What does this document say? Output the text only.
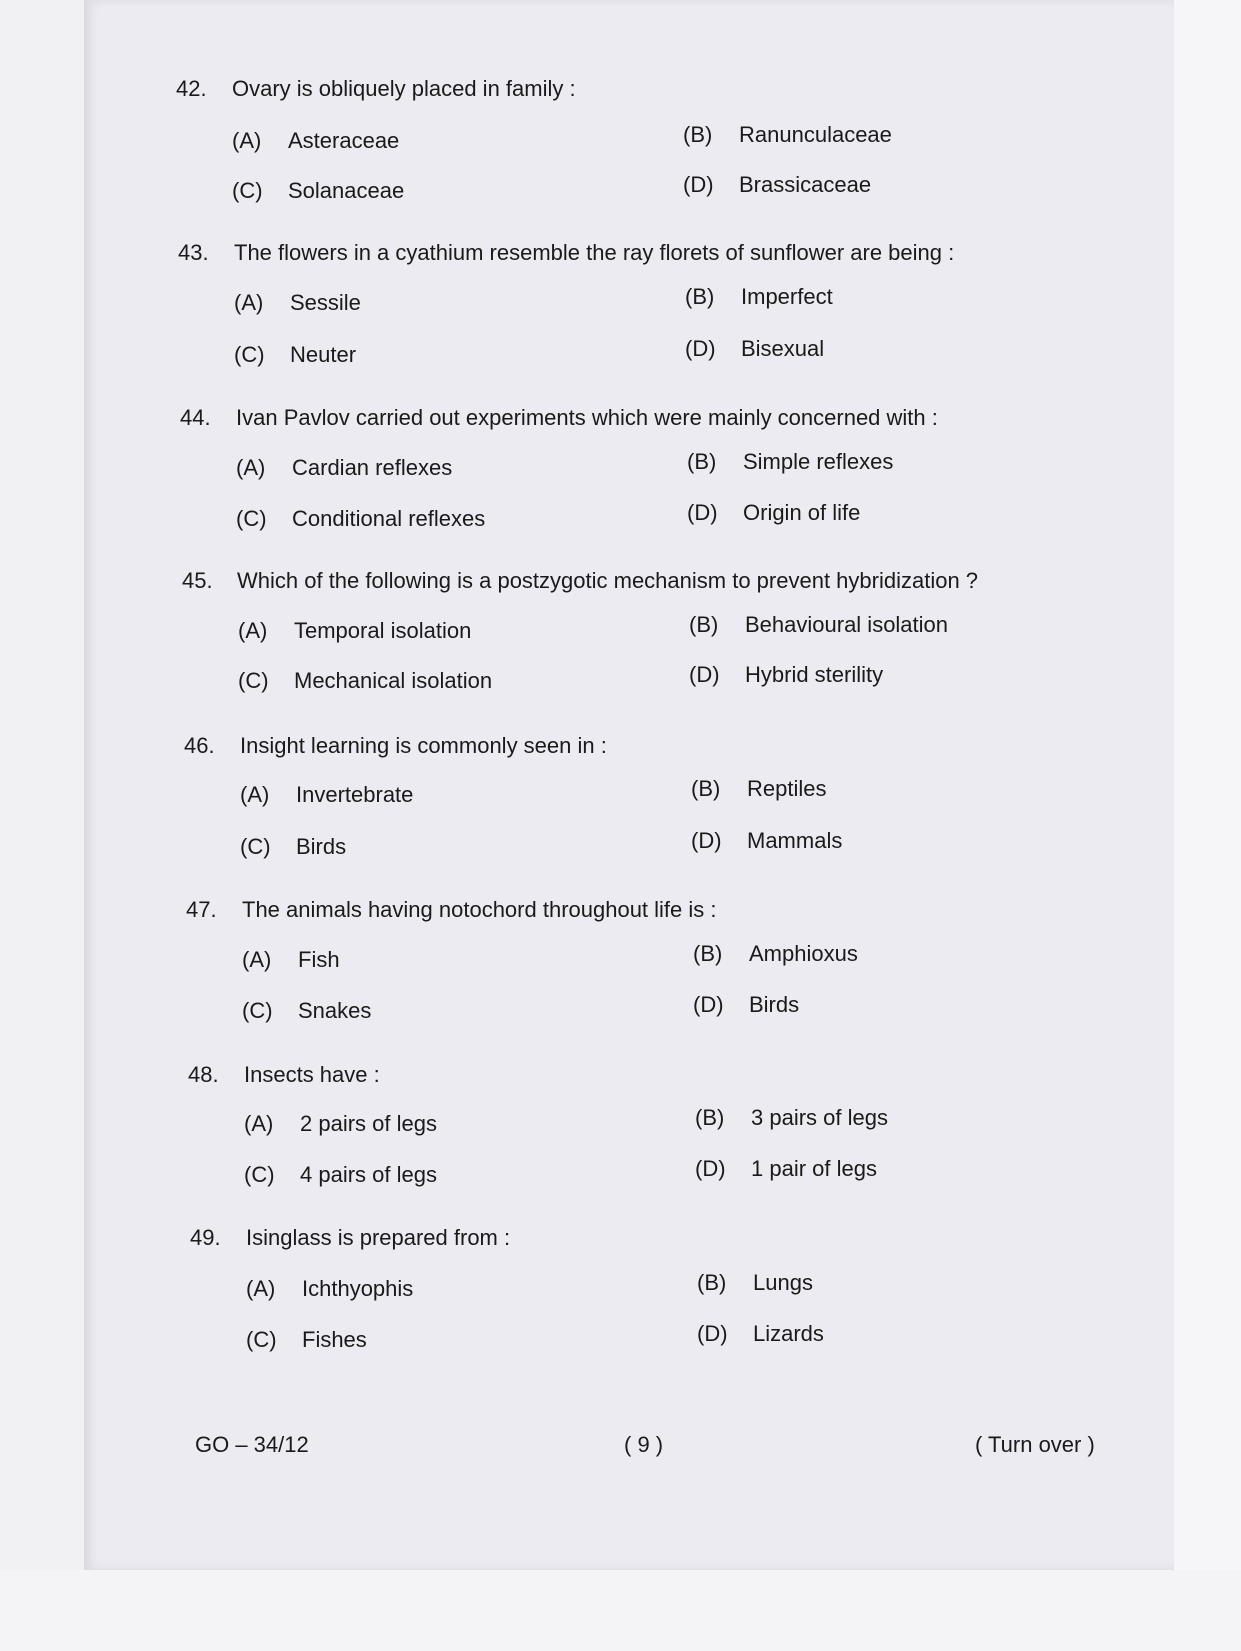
42. Ovary is obliquely placed in family :
(A) Asteraceae	(B) Ranunculaceae
(C) Solanaceae	(D) Brassicaceae
43. The flowers in a cyathium resemble the ray florets of sunflower are being :
(A) Sessile	(B) Imperfect
(C) Neuter	(D) Bisexual
44. Ivan Pavlov carried out experiments which were mainly concerned with :
(A) Cardian reflexes	(B) Simple reflexes
(C) Conditional reflexes	(D) Origin of life
45. Which of the following is a postzygotic mechanism to prevent hybridization ?
(A) Temporal isolation	(B) Behavioural isolation
(C) Mechanical isolation	(D) Hybrid sterility
46. Insight learning is commonly seen in :
(A) Invertebrate	(B) Reptiles
(C) Birds	(D) Mammals
47. The animals having notochord throughout life is :
(A) Fish	(B) Amphioxus
(C) Snakes	(D) Birds
48. Insects have :
(A) 2 pairs of legs	(B) 3 pairs of legs
(C) 4 pairs of legs	(D) 1 pair of legs
49. Isinglass is prepared from :
(A) Ichthyophis	(B) Lungs
(C) Fishes	(D) Lizards
GO – 34/12	( 9 )	( Turn over )
